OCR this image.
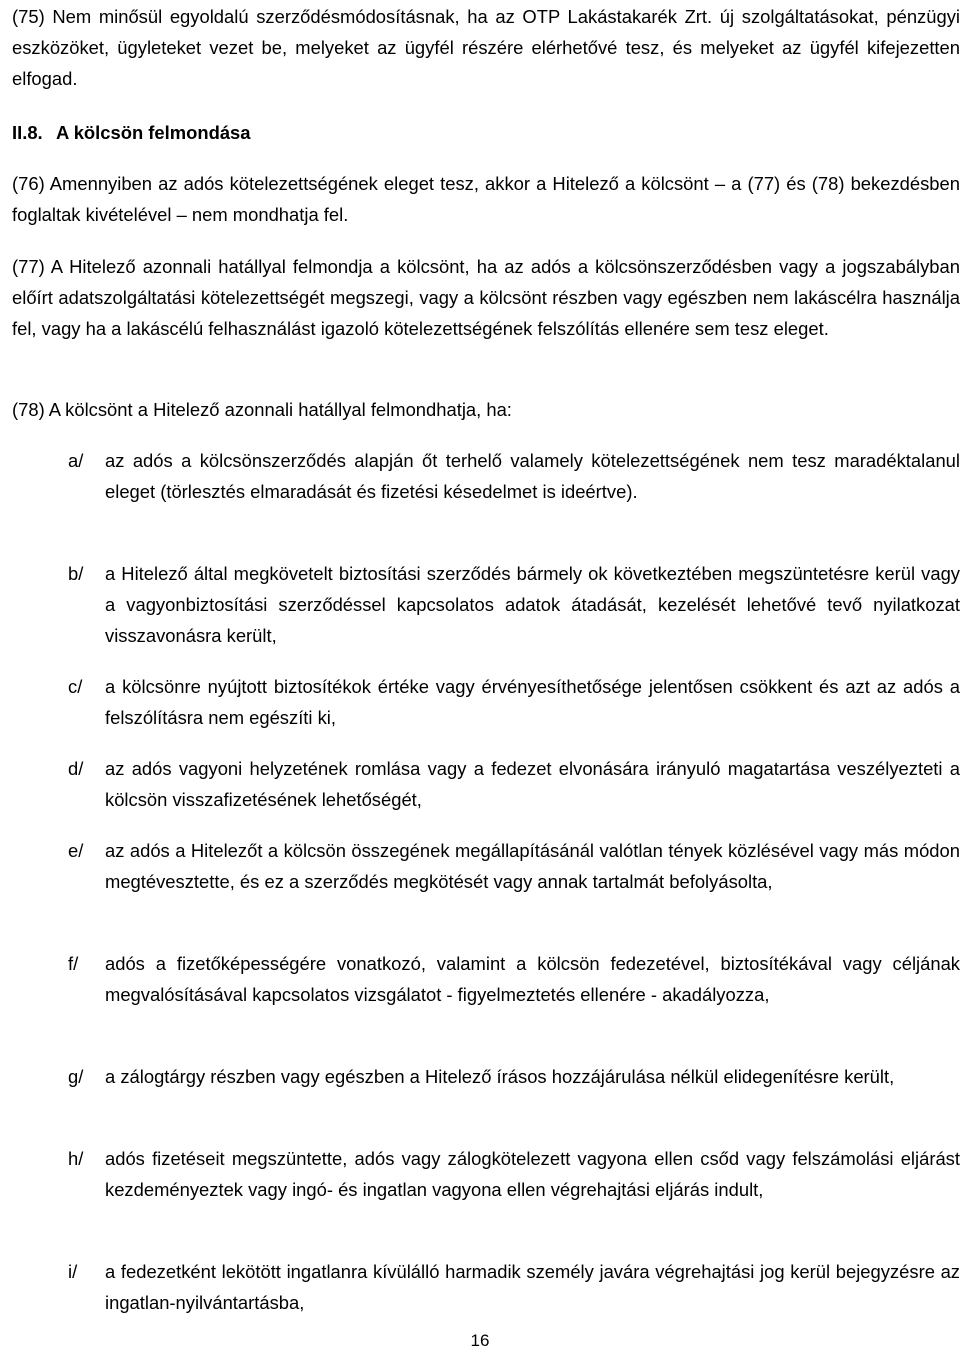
(75) Nem minősül egyoldalú szerződésmódosításnak, ha az OTP Lakástakarék Zrt. új szolgáltatásokat, pénzügyi eszközöket, ügyleteket vezet be, melyeket az ügyfél részére elérhetővé tesz, és melyeket az ügyfél kifejezetten elfogad.

II.8. A kölcsön felmondása

(76) Amennyiben az adós kötelezettségének eleget tesz, akkor a Hitelező a kölcsönt – a (77) és (78) bekezdésben foglaltak kivételével – nem mondhatja fel.

(77) A Hitelező azonnali hatállyal felmondja a kölcsönt, ha az adós a kölcsönszerződésben vagy a jogszabályban előírt adatszolgáltatási kötelezettségét megszegi, vagy a kölcsönt részben vagy egészben nem lakáscélra használja fel, vagy ha a lakáscélú felhasználást igazoló kötelezettségének felszólítás ellenére sem tesz eleget.

(78) A kölcsönt a Hitelező azonnali hatállyal felmondhatja, ha:

a/	az adós a kölcsönszerződés alapján őt terhelő valamely kötelezettségének nem tesz maradéktalanul eleget (törlesztés elmaradását és fizetési késedelmet is ideértve).
b/	a Hitelező által megkövetelt biztosítási szerződés bármely ok következtében megszüntetésre kerül vagy a vagyonbiztosítási szerződéssel kapcsolatos adatok átadását, kezelését lehetővé tevő nyilatkozat visszavonásra került,
c/	a kölcsönre nyújtott biztosítékok értéke vagy érvényesíthetősége jelentősen csökkent és azt az adós a felszólításra nem egészíti ki,
d/	az adós vagyoni helyzetének romlása vagy a fedezet elvonására irányuló magatartása veszélyezteti a kölcsön visszafizetésének lehetőségét,
e/	az adós a Hitelezőt a kölcsön összegének megállapításánál valótlan tények közlésével vagy más módon megtévesztette, és ez a szerződés megkötését vagy annak tartalmát befolyásolta,
f/	adós a fizetőképességére vonatkozó, valamint a kölcsön fedezetével, biztosítékával vagy céljának megvalósításával kapcsolatos vizsgálatot - figyelmeztetés ellenére - akadályozza,
g/	a zálogtárgy részben vagy egészben a Hitelező írásos hozzájárulása nélkül elidegenítésre került,
h/	adós fizetéseit megszüntette, adós vagy zálogkötelezett vagyona ellen csőd vagy felszámolási eljárást kezdeményeztek vagy ingó- és ingatlan vagyona ellen végrehajtási eljárás indult,
i/	a fedezetként lekötött ingatlanra kívülálló harmadik személy javára végrehajtási jog kerül bejegyzésre az ingatlan-nyilvántartásba,
16
